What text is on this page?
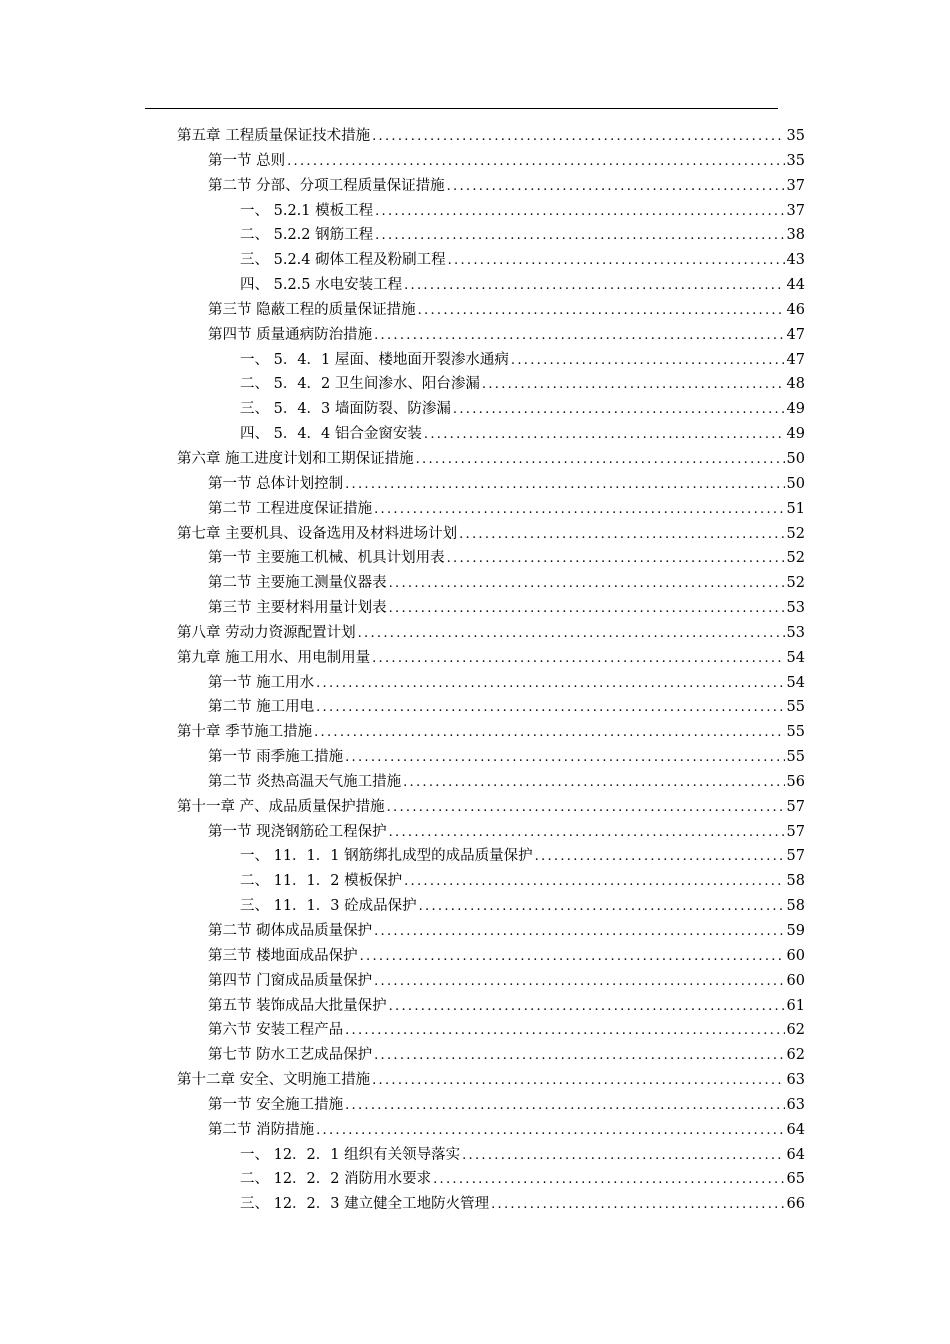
第五章 工程质量保证技术措施 .....	35
第一节 总则 .....	35
第二节 分部、分项工程质量保证措施 .....	37
一、 5.2.1 模板工程 .....	37
二、 5.2.2 钢筋工程 .....	38
三、 5.2.4 砌体工程及粉刷工程 .....	43
四、 5.2.5 水电安装工程 .....	44
第三节 隐蔽工程的质量保证措施 .....	46
第四节 质量通病防治措施 .....	47
一、 5．4．1 屋面、楼地面开裂渗水通病 .....	47
二、 5．4．2 卫生间渗水、阳台渗漏 .....	48
三、 5．4．3 墙面防裂、防渗漏 .....	49
四、 5．4．4 铝合金窗安装 .....	49
第六章 施工进度计划和工期保证措施 .....	50
第一节 总体计划控制 .....	50
第二节 工程进度保证措施 .....	51
第七章 主要机具、设备选用及材料进场计划 .....	52
第一节 主要施工机械、机具计划用表 .....	52
第二节 主要施工测量仪器表 .....	52
第三节 主要材料用量计划表 .....	53
第八章 劳动力资源配置计划 .....	53
第九章 施工用水、用电制用量 .....	54
第一节 施工用水 .....	54
第二节 施工用电 .....	55
第十章 季节施工措施 .....	55
第一节 雨季施工措施 .....	55
第二节 炎热高温天气施工措施 .....	56
第十一章 产、成品质量保护措施 .....	57
第一节 现浇钢筋砼工程保护 .....	57
一、 11．1．1 钢筋绑扎成型的成品质量保护 .....	57
二、 11．1．2 模板保护 .....	58
三、 11．1．3 砼成品保护 .....	58
第二节 砌体成品质量保护 .....	59
第三节 楼地面成品保护 .....	60
第四节 门窗成品质量保护 .....	60
第五节 装饰成品大批量保护 .....	61
第六节 安装工程产品 .....	62
第七节 防水工艺成品保护 .....	62
第十二章 安全、文明施工措施 .....	63
第一节 安全施工措施 .....	63
第二节 消防措施 .....	64
一、 12．2．1 组织有关领导落实 .....	64
二、 12．2．2 消防用水要求 .....	65
三、 12．2．3 建立健全工地防火管理 .....	66
